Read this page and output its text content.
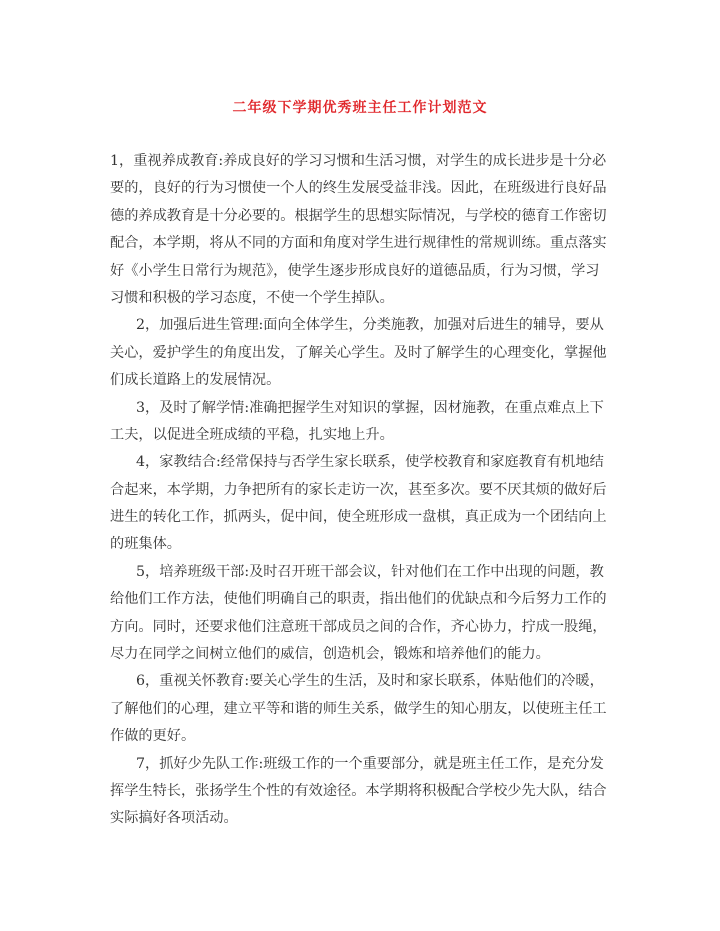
二年级下学期优秀班主任工作计划范文
1，重视养成教育:养成良好的学习习惯和生活习惯，对学生的成长进步是十分必
要的，良好的行为习惯使一个人的终生发展受益非浅。因此，在班级进行良好品
德的养成教育是十分必要的。根据学生的思想实际情况，与学校的德育工作密切
配合，本学期，将从不同的方面和角度对学生进行规律性的常规训练。重点落实
好《小学生日常行为规范》，使学生逐步形成良好的道德品质，行为习惯，学习
习惯和积极的学习态度，不使一个学生掉队。
2，加强后进生管理:面向全体学生，分类施教，加强对后进生的辅导，要从
关心，爱护学生的角度出发，了解关心学生。及时了解学生的心理变化，掌握他
们成长道路上的发展情况。
3，及时了解学情:准确把握学生对知识的掌握，因材施教，在重点难点上下
工夫，以促进全班成绩的平稳，扎实地上升。
4，家教结合:经常保持与否学生家长联系，使学校教育和家庭教育有机地结
合起来，本学期，力争把所有的家长走访一次，甚至多次。要不厌其烦的做好后
进生的转化工作，抓两头，促中间，使全班形成一盘棋，真正成为一个团结向上
的班集体。
5，培养班级干部:及时召开班干部会议，针对他们在工作中出现的问题，教
给他们工作方法，使他们明确自己的职责，指出他们的优缺点和今后努力工作的
方向。同时，还要求他们注意班干部成员之间的合作，齐心协力，拧成一股绳，
尽力在同学之间树立他们的威信，创造机会，锻炼和培养他们的能力。
6，重视关怀教育:要关心学生的生活，及时和家长联系，体贴他们的冷暖，
了解他们的心理，建立平等和谐的师生关系，做学生的知心朋友，以使班主任工
作做的更好。
7，抓好少先队工作:班级工作的一个重要部分，就是班主任工作，是充分发
挥学生特长，张扬学生个性的有效途径。本学期将积极配合学校少先大队，结合
实际搞好各项活动。
